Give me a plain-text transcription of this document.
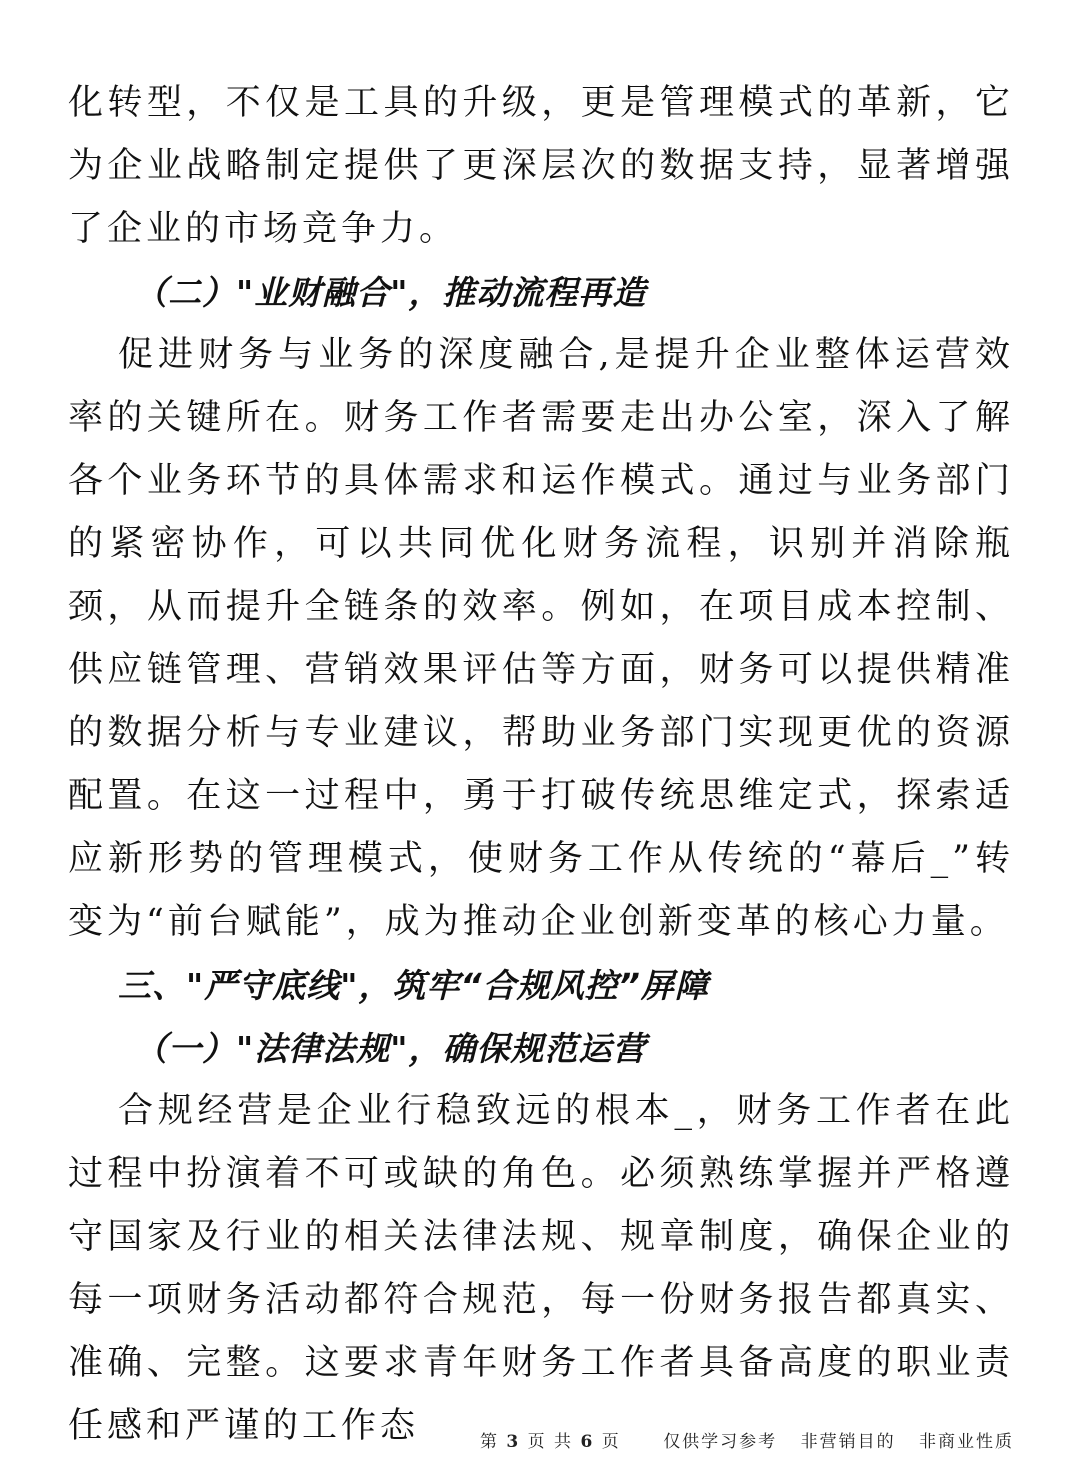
化转型，不仅是工具的升级，更是管理模式的革新，它为企业战略制定提供了更深层次的数据支持，显著增强了企业的市场竞争力。

（二）"业财融合"，推动流程再造

促进财务与业务的深度融合,是提升企业整体运营效率的关键所在。财务工作者需要走出办公室，深入了解各个业务环节的具体需求和运作模式。通过与业务部门的紧密协作，可以共同优化财务流程，识别并消除瓶颈，从而提升全链条的效率。例如，在项目成本控制、供应链管理、营销效果评估等方面，财务可以提供精准的数据分析与专业建议，帮助业务部门实现更优的资源配置。在这一过程中，勇于打破传统思维定式，探索适应新形势的管理模式，使财务工作从传统的“幕后_”转变为“前台赋能”，成为推动企业创新变革的核心力量。

三、"严守底线"，筑牢“合规风控”屏障
（一）"法律法规"，确保规范运营

合规经营是企业行稳致远的根本_，财务工作者在此过程中扮演着不可或缺的角色。必须熟练掌握并严格遵守国家及行业的相关法律法规、规章制度，确保企业的每一项财务活动都符合规范，每一份财务报告都真实、准确、完整。这要求青年财务工作者具备高度的职业责任感和严谨的工作态	第 3 页 共 6 页 仅供学习参考 非营销目的 非商业性质
